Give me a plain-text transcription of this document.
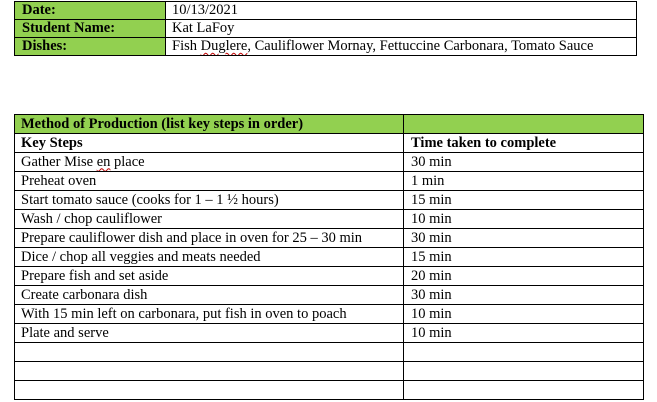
Date:	10/13/2021
Student Name:	Kat LaFoy
Dishes:	Fish Duglere, Cauliflower Mornay, Fettuccine Carbonara, Tomato Sauce
Method of Production (list key steps in order)	
Key Steps	Time taken to complete
Gather Mise en place	30 min
Preheat oven	1 min
Start tomato sauce (cooks for 1 – 1 ½ hours)	15 min
Wash / chop cauliflower	10 min
Prepare cauliflower dish and place in oven for 25 – 30 min	30 min
Dice / chop all veggies and meats needed	15 min
Prepare fish and set aside	20 min
Create carbonara dish	30 min
With 15 min left on carbonara, put fish in oven to poach	10 min
Plate and serve	10 min
